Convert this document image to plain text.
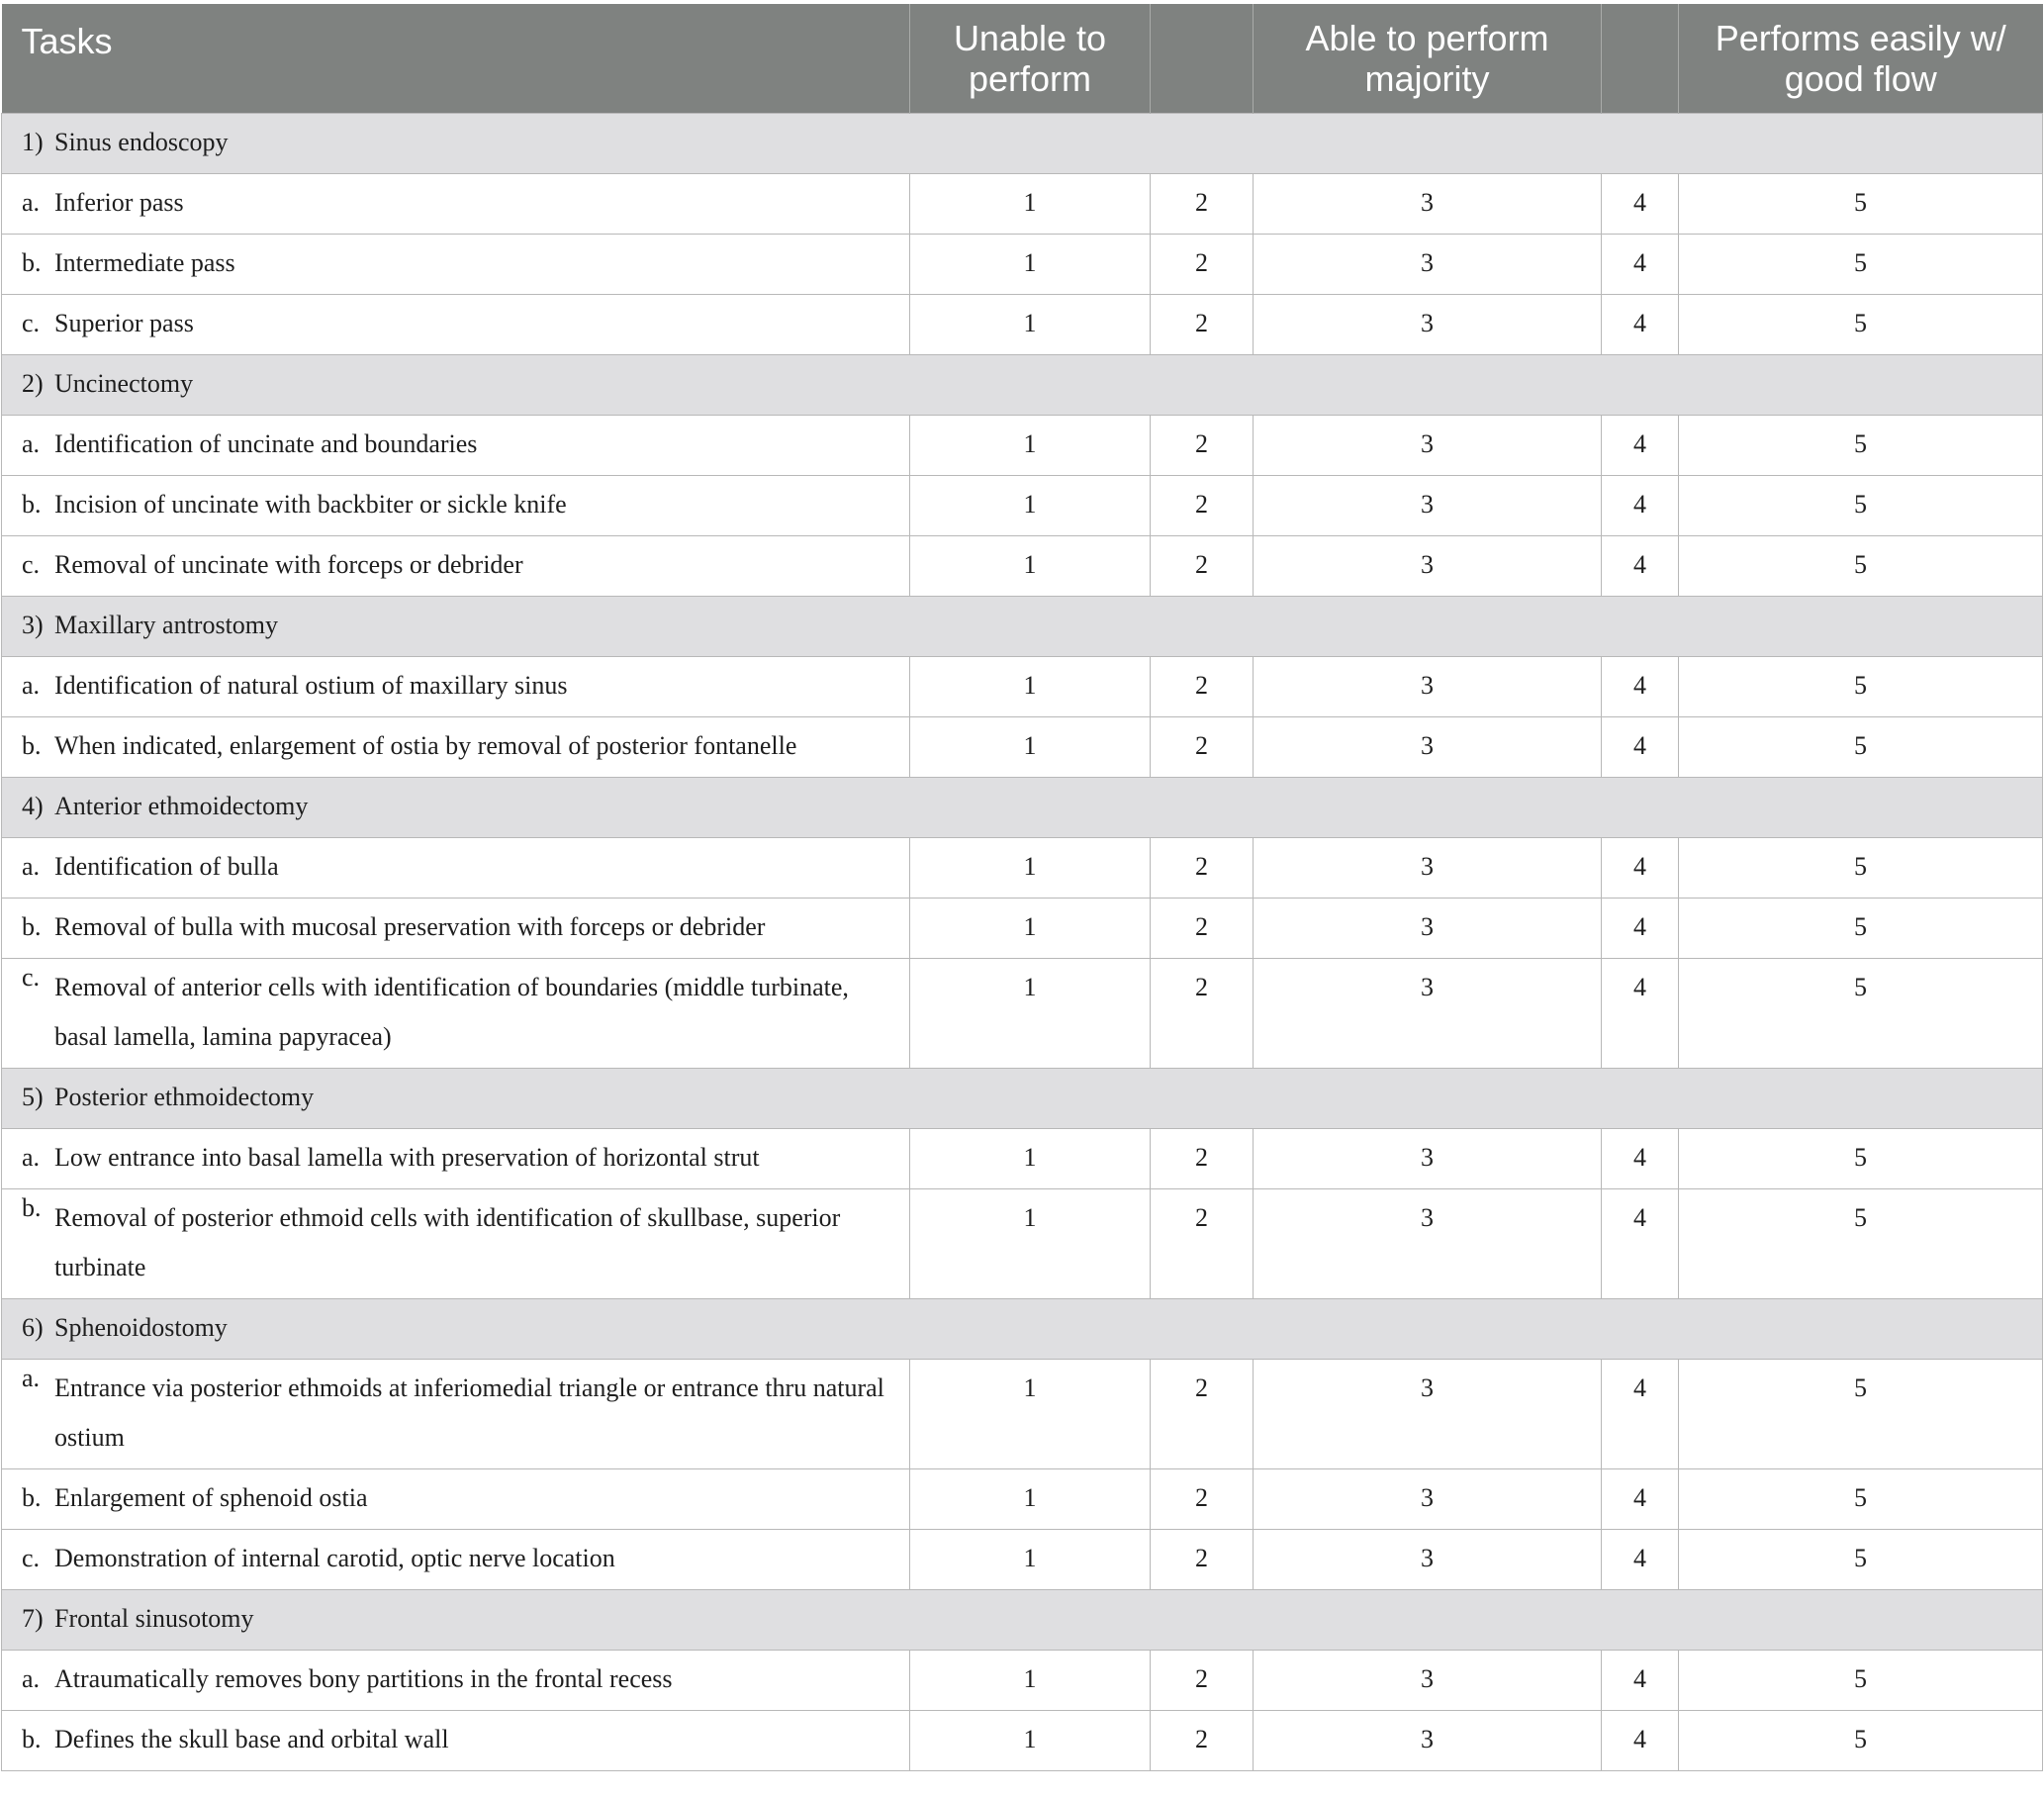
Tasks	Unable to perform		Able to perform majority		Performs easily w/ good flow
1) Sinus endoscopy					
a. Inferior pass	1	2	3	4	5
b. Intermediate pass	1	2	3	4	5
c. Superior pass	1	2	3	4	5
2) Uncinectomy					
a. Identification of uncinate and boundaries	1	2	3	4	5
b. Incision of uncinate with backbiter or sickle knife	1	2	3	4	5
c. Removal of uncinate with forceps or debrider	1	2	3	4	5
3) Maxillary antrostomy					
a. Identification of natural ostium of maxillary sinus	1	2	3	4	5
b. When indicated, enlargement of ostia by removal of posterior fontanelle	1	2	3	4	5
4) Anterior ethmoidectomy					
a. Identification of bulla	1	2	3	4	5
b. Removal of bulla with mucosal preservation with forceps or debrider	1	2	3	4	5
c. Removal of anterior cells with identification of boundaries (middle turbinate, basal lamella, lamina papyracea)	1	2	3	4	5
5) Posterior ethmoidectomy					
a. Low entrance into basal lamella with preservation of horizontal strut	1	2	3	4	5
b. Removal of posterior ethmoid cells with identification of skullbase, superior turbinate	1	2	3	4	5
6) Sphenoidostomy					
a. Entrance via posterior ethmoids at inferiomedial triangle or entrance thru natural ostium	1	2	3	4	5
b. Enlargement of sphenoid ostia	1	2	3	4	5
c. Demonstration of internal carotid, optic nerve location	1	2	3	4	5
7) Frontal sinusotomy					
a. Atraumatically removes bony partitions in the frontal recess	1	2	3	4	5
b. Defines the skull base and orbital wall	1	2	3	4	5
